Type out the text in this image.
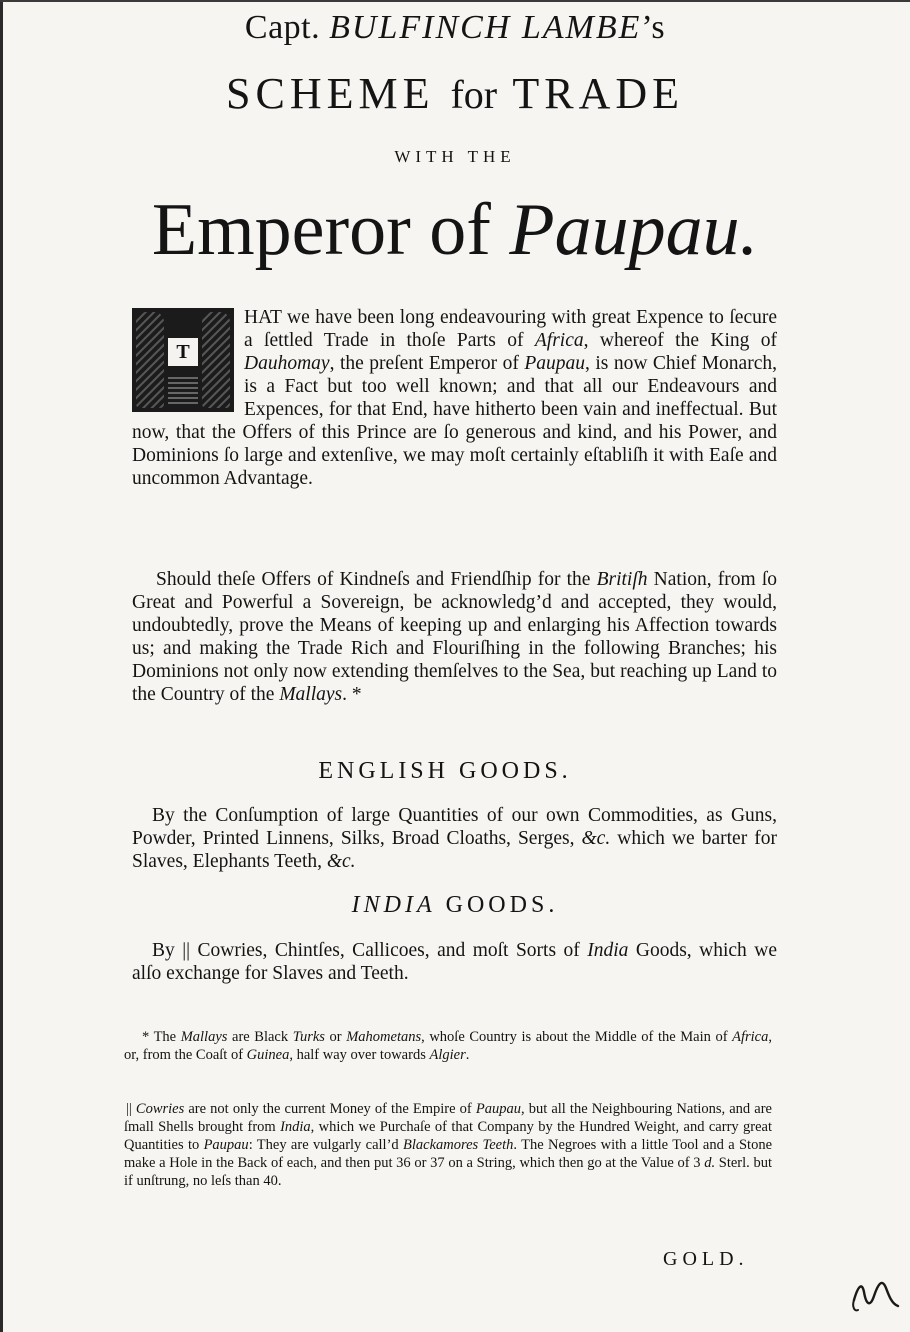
Capt. BULFINCH LAMBE’s
SCHEME for TRADE
WITH THE
Emperor of Paupau.
T
HAT we have been long endeavouring with great Expence to ſecure a ſettled Trade in thoſe Parts of Africa, whereof the King of Dauhomay, the preſent Emperor of Paupau, is now Chief Monarch, is a Fact but too well known; and that all our Endeavours and Expences, for that End, have hitherto been vain and ineffectual. But now, that the Offers of this Prince are ſo generous and kind, and his Power, and Dominions ſo large and extenſive, we may moſt certainly eſtabliſh it with Eaſe and uncommon Advantage.
Should theſe Offers of Kindneſs and Friendſhip for the Britiſh Nation, from ſo Great and Powerful a Sovereign, be acknowledg’d and accepted, they would, undoubtedly, prove the Means of keeping up and enlarging his Affection towards us; and making the Trade Rich and Flouriſhing in the following Branches; his Dominions not only now extending themſelves to the Sea, but reaching up Land to the Country of the Mallays. *
ENGLISH GOODS.
By the Conſumption of large Quantities of our own Commodities, as Guns, Powder, Printed Linnens, Silks, Broad Cloaths, Serges, &c. which we barter for Slaves, Elephants Teeth, &c.
INDIA GOODS.
By || Cowries, Chintſes, Callicoes, and moſt Sorts of India Goods, which we alſo exchange for Slaves and Teeth.
* The Mallays are Black Turks or Mahometans, whoſe Country is about the Middle of the Main of Africa, or, from the Coaſt of Guinea, half way over towards Algier.
|| Cowries are not only the current Money of the Empire of Paupau, but all the Neighbouring Nations, and are ſmall Shells brought from India, which we Purchaſe of that Company by the Hundred Weight, and carry great Quantities to Paupau: They are vulgarly call’d Blackamores Teeth. The Negroes with a little Tool and a Stone make a Hole in the Back of each, and then put 36 or 37 on a String, which then go at the Value of 3 d. Sterl. but if unſtrung, no leſs than 40.
GOLD.
